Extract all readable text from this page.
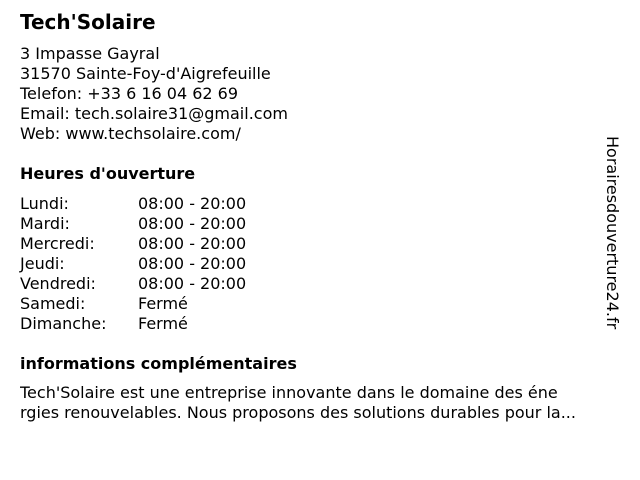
Tech'Solaire
3 Impasse Gayral
31570 Sainte-Foy-d'Aigrefeuille
Telefon: +33 6 16 04 62 69
Email: tech.solaire31@gmail.com
Web: www.techsolaire.com/
Heures d'ouverture
Lundi:	08:00 - 20:00
Mardi:	08:00 - 20:00
Mercredi:	08:00 - 20:00
Jeudi:	08:00 - 20:00
Vendredi:	08:00 - 20:00
Samedi:	Fermé
Dimanche: Fermé
informations complémentaires
Tech'Solaire est une entreprise innovante dans le domaine des éne
rgies renouvelables. Nous proposons des solutions durables pour la...
Horairesdouverture24.fr
